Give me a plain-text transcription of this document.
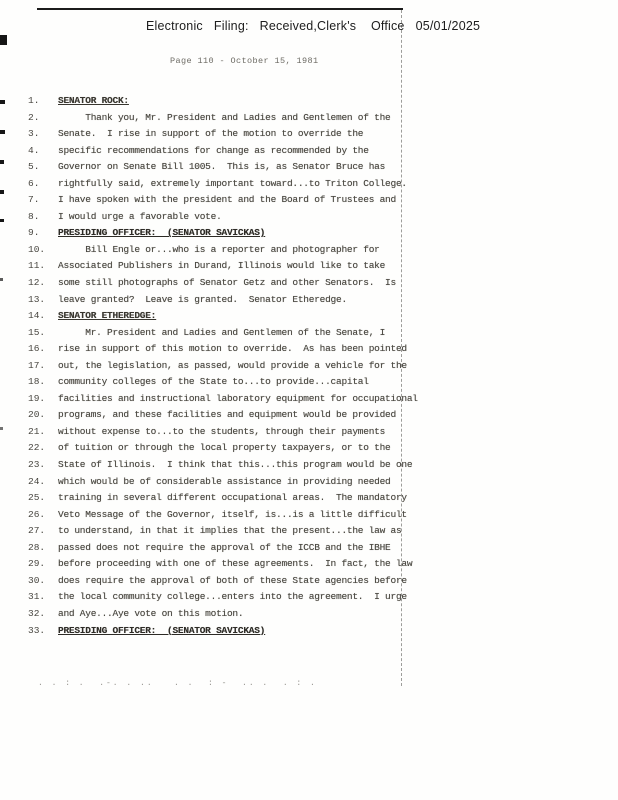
Electronic   Filing:   Received,Clerk's    Office   05/01/2025
Page 110 - October 15, 1981
1.	SENATOR ROCK:
2.	Thank you, Mr. President and Ladies and Gentlemen of the
3.	Senate.  I rise in support of the motion to override the
4.	specific recommendations for change as recommended by the
5.	Governor on Senate Bill 1005.  This is, as Senator Bruce has
6.	rightfully said, extremely important toward...to Triton College.
7.	I have spoken with the president and the Board of Trustees and
8.	I would urge a favorable vote.
9.	PRESIDING OFFICER:  (SENATOR SAVICKAS)
10.	Bill Engle or...who is a reporter and photographer for
11.	Associated Publishers in Durand, Illinois would like to take
12.	some still photographs of Senator Getz and other Senators.  Is
13.	leave granted?  Leave is granted.  Senator Etheredge.
14.	SENATOR ETHEREDGE:
15.	Mr. President and Ladies and Gentlemen of the Senate, I
16.	rise in support of this motion to override.  As has been pointed
17.	out, the legislation, as passed, would provide a vehicle for the
18.	community colleges of the State to...to provide...capital
19.	facilities and instructional laboratory equipment for occupational
20.	programs, and these facilities and equipment would be provided
21.	without expense to...to the students, through their payments
22.	of tuition or through the local property taxpayers, or to the
23.	State of Illinois.  I think that this...this program would be one
24.	which would be of considerable assistance in providing needed
25.	training in several different occupational areas.  The mandatory
26.	Veto Message of the Governor, itself, is...is a little difficult
27.	to understand, in that it implies that the present...the law as
28.	passed does not require the approval of the ICCB and the IBHE
29.	before proceeding with one of these agreements.  In fact, the law
30.	does require the approval of both of these State agencies before
31.	the local community college...enters into the agreement.  I urge
32.	and Aye...Aye vote on this motion.
33.	PRESIDING OFFICER:  (SENATOR SAVICKAS)
. . : .  .-. . ..   . .  : -  .. .  . : .
